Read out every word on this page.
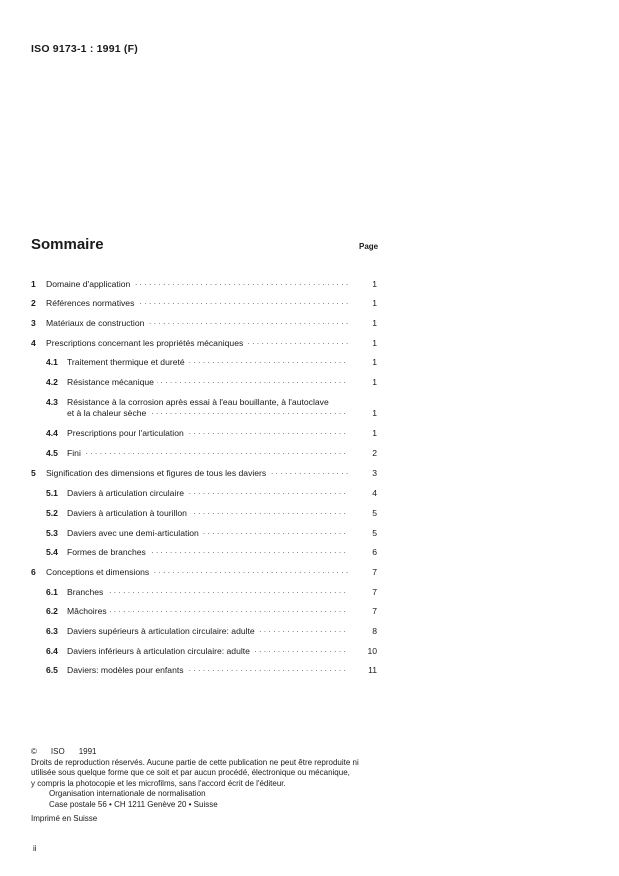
ISO 9173-1 : 1991 (F)
Sommaire	Page
1 Domaine d'application . . .	1
2 Références normatives . . .	1
3 Matériaux de construction . . .	1
4 Prescriptions concernant les propriétés mécaniques . . .	1
4.1 Traitement thermique et dureté . . .	1
4.2 Résistance mécanique . . .	1
4.3 Résistance à la corrosion après essai à l'eau bouillante, à l'autoclave
et à la chaleur sèche . . .	1
4.4 Prescriptions pour l'articulation . . .	1
4.5 Fini . . .	2
5 Signification des dimensions et figures de tous les daviers . . .	3
5.1 Daviers à articulation circulaire . . .	4
5.2 Daviers à articulation à tourillon . . .	5
5.3 Daviers avec une demi-articulation . . .	5
5.4 Formes de branches . . .	6
6 Conceptions et dimensions . . .	7
6.1 Branches . . .	7
6.2 Mâchoires . . .	7
6.3 Daviers supérieurs à articulation circulaire: adulte . . .	8
6.4 Daviers inférieurs à articulation circulaire: adulte . . .	10
6.5 Daviers: modèles pour enfants . . .	11
© ISO 1991
Droits de reproduction réservés. Aucune partie de cette publication ne peut être reproduite ni
utilisée sous quelque forme que ce soit et par aucun procédé, électronique ou mécanique,
y compris la photocopie et les microfilms, sans l'accord écrit de l'éditeur.
Organisation internationale de normalisation
Case postale 56 • CH 1211 Genève 20 • Suisse
Imprimé en Suisse
ii
